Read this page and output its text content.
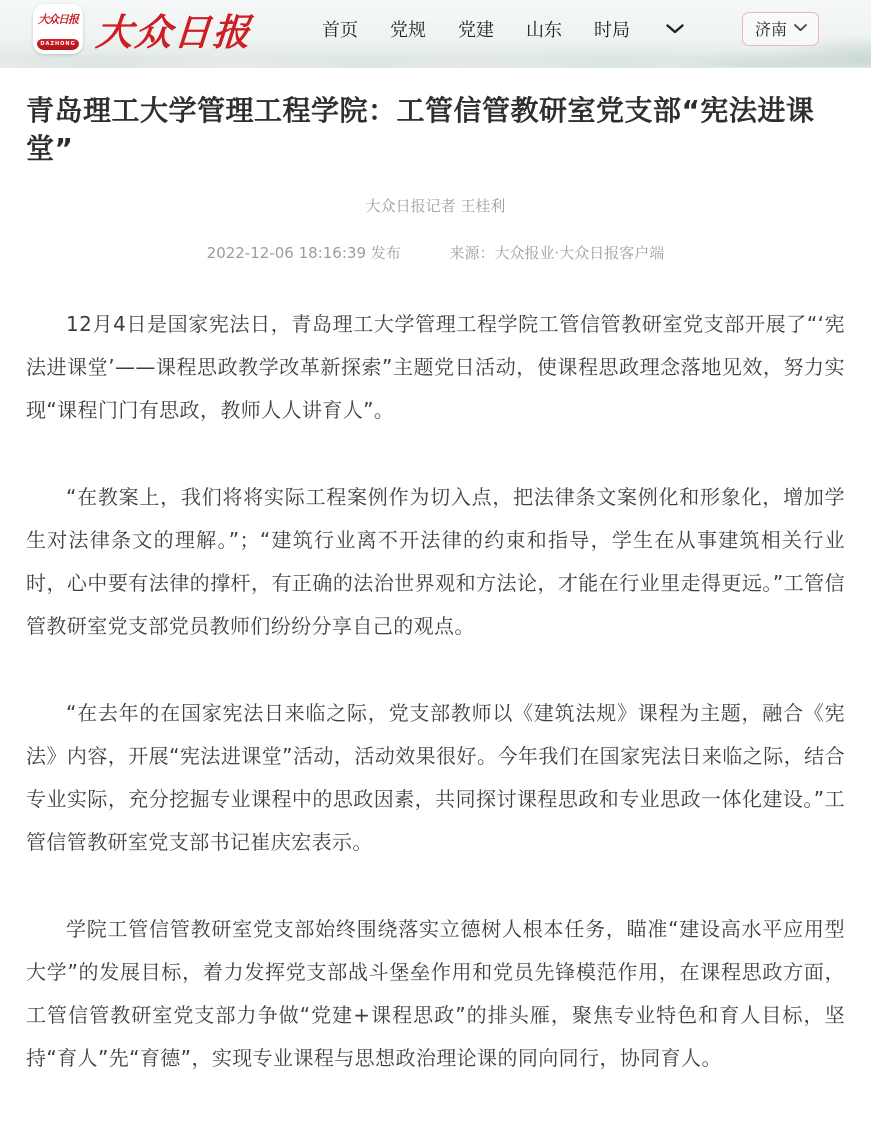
大众日报
DAZHONG 大众日报	首页 党规 党建 山东 时局	济南
青岛理工大学管理工程学院：工管信管教研室党支部“宪法进课堂”
大众日报记者 王桂利
2022-12-06 18:16:39 发布	来源：大众报业·大众日报客户端

12月4日是国家宪法日，青岛理工大学管理工程学院工管信管教研室党支部开展了“‘宪法进课堂’——课程思政教学改革新探索”主题党日活动，使课程思政理念落地见效，努力实现“课程门门有思政，教师人人讲育人”。

“在教案上，我们将将实际工程案例作为切入点，把法律条文案例化和形象化，增加学生对法律条文的理解。”；“建筑行业离不开法律的约束和指导，学生在从事建筑相关行业时，心中要有法律的撑杆，有正确的法治世界观和方法论，才能在行业里走得更远。”工管信管教研室党支部党员教师们纷纷分享自己的观点。

“在去年的在国家宪法日来临之际，党支部教师以《建筑法规》课程为主题，融合《宪法》内容，开展“宪法进课堂”活动，活动效果很好。今年我们在国家宪法日来临之际，结合专业实际，充分挖掘专业课程中的思政因素，共同探讨课程思政和专业思政一体化建设。”工管信管教研室党支部书记崔庆宏表示。

学院工管信管教研室党支部始终围绕落实立德树人根本任务，瞄准“建设高水平应用型大学”的发展目标，着力发挥党支部战斗堡垒作用和党员先锋模范作用，在课程思政方面，工管信管教研室党支部力争做“党建+课程思政”的排头雁，聚焦专业特色和育人目标，坚持“育人”先“育德”，实现专业课程与思想政治理论课的同向同行，协同育人。
